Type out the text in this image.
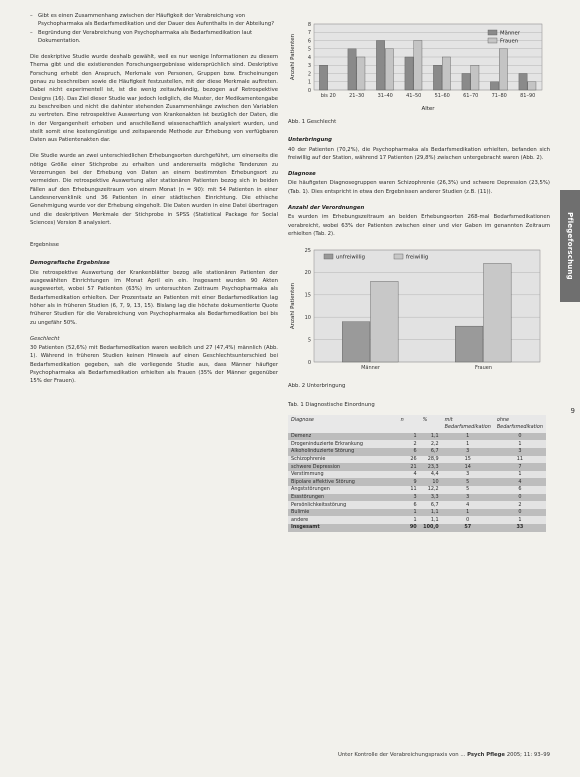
– Gibt es einen Zusammenhang zwischen der Häufigkeit der Verabreichung von Psychopharmaka als Bedarfsmedikation und der Dauer des Aufenthalts in der Abteilung?
– Begründung der Verabreichung von Psychopharmaka als Bedarfsmedikation laut Dokumentation.

Die deskriptive Studie wurde deshalb gewählt, weil es nur wenige Informationen zu diesem Thema gibt und die existierenden Forschungsergebnisse widersprüchlich sind. Deskriptive Forschung erhebt den Anspruch, Merkmale von Personen, Gruppen bzw. Erscheinungen genau zu beschreiben sowie die Häufigkeit festzustellen, mit der diese Merkmale auftreten. Dabei nicht experimentell ist, ist die wenig zeitaufwändig, bezogen auf Retrospektive Designs (16). Das Ziel dieser Studie war jedoch lediglich, die Muster, der Medikamentengabe zu beschreiben und nicht die dahinter stehenden Zusammenhänge zwischen den Variablen zu vertreten. Eine retrospektive Auswertung von Krankenakten ist bezüglich der Daten, die in der Vergangenheit erhoben und anschließend wissenschaftlich analysiert wurden, und stellt somit eine kostengünstige und zeitsparende Methode zur Erhebung von verfügbaren Daten aus Patientenakten dar.

Die Studie wurde an zwei unterschiedlichen Erhebungsorten durchgeführt, um einerseits die nötige Größe einer Stichprobe zu erhalten und andererseits mögliche Tendenzen zu Verzerrungen bei der Erhebung von Daten an einem bestimmten Erhebungsort zu vermeiden. Die retrospektive Auswertung aller stationären Patienten bezog sich in beiden Fällen auf den Erhebungszeitraum von einem Monat (n = 90): mit 54 Patienten in einer Landesnervenklinik und 36 Patienten in einer städtischen Einrichtung. Die ethische Genehmigung wurde vor der Erhebung eingeholt. Die Daten wurden in eine Datei übertragen und die deskriptiven Merkmale der Stichprobe in SPSS (Statistical Package for Social Sciences) Version 8 analysiert.

Ergebnisse
Demografische Ergebnisse

Die retrospektive Auswertung der Krankenblätter bezog alle stationären Patienten der ausgewählten Einrichtungen im Monat April ein ein. Insgesamt wurden 90 Akten ausgewertet, wobei 57 Patienten (63%) im untersuchten Zeitraum Psychopharmaka als Bedarfsmedikation erhielten. Der Prozentsatz an Patienten mit einer Bedarfsmedikation lag höher als in früheren Studien (6, 7, 9, 13, 15). Bislang lag die höchste dokumentierte Quote früherer Studien für die Verabreichung von Psychopharmaka als Bedarfsmedikation bei bis zu ungefähr 50%.

Geschlecht

30 Patienten (52,6%) mit Bedarfsmedikation waren weiblich und 27 (47,4%) männlich (Abb. 1). Während in früheren Studien keinen Hinweis auf einen Geschlechtsunterschied bei Bedarfsmedikation gegeben, sah die vorliegende Studie aus, dass Männer häufiger Psychopharmaka als Bedarfsmedikation erhielten als Frauen (35% der Männer gegenüber 15% der Frauen).

0
1
2
3
4
5
6
7
8
bis 20	21–30	31–40	41–50	51–60	61–70	71–80	81–90
Alter
Anzahl Patienten
Männer
Frauen
Abb. 1 Geschlecht
Unterbringung

40 der Patienten (70,2%), die Psychopharmaka als Bedarfsmedikation erhielten, befanden sich freiwillig auf der Station, während 17 Patienten (29,8%) zwischen untergebracht waren (Abb. 2).

Diagnose

Die häufigsten Diagnosegruppen waren Schizophrenie (26,3%) und schwere Depression (23,5%) (Tab. 1). Dies entspricht in etwa den Ergebnissen anderer Studien (z.B. (11)).

Anzahl der Verordnungen

Es wurden im Erhebungszeitraum an beiden Erhebungsorten 268-mal Bedarfsmedikationen verabreicht, wobei 63% der Patienten zwischen einer und vier Gaben im genannten Zeitraum erhielten (Tab. 2).

0
5
10
15
20
25
Männer	Frauen
Anzahl Patienten
unfreiwillig	freiwillig
Abb. 2 Unterbringung
Tab. 1 Diagnostische Einordnung
Diagnose	n	%	mit Bedarfsmedikation	ohne Bedarfsmedikation
Demenz	1	1,1	1	0
Drogeninduzierte Erkrankung	2	2,2	1	1
Alkoholinduzierte Störung	6	6,7	3	3
Schizophrenie	26	28,9	15	11
schwere Depression	21	23,3	14	7
Verstimmung	4	4,4	3	1
Bipolare affektive Störung	9	10	5	4
Angststörungen	11	12,2	5	6
Essstörungen	3	3,3	3	0
Persönlichkeitsstörung	6	6,7	4	2
Bulimie	1	1,1	1	0
andere	1	1,1	0	1
Insgesamt	90	100,0	57	33
Pflegeforschung
9
Unter Kontrolle der Verabreichungspraxis von ... Psych Pflege 2005; 11: 93–99
